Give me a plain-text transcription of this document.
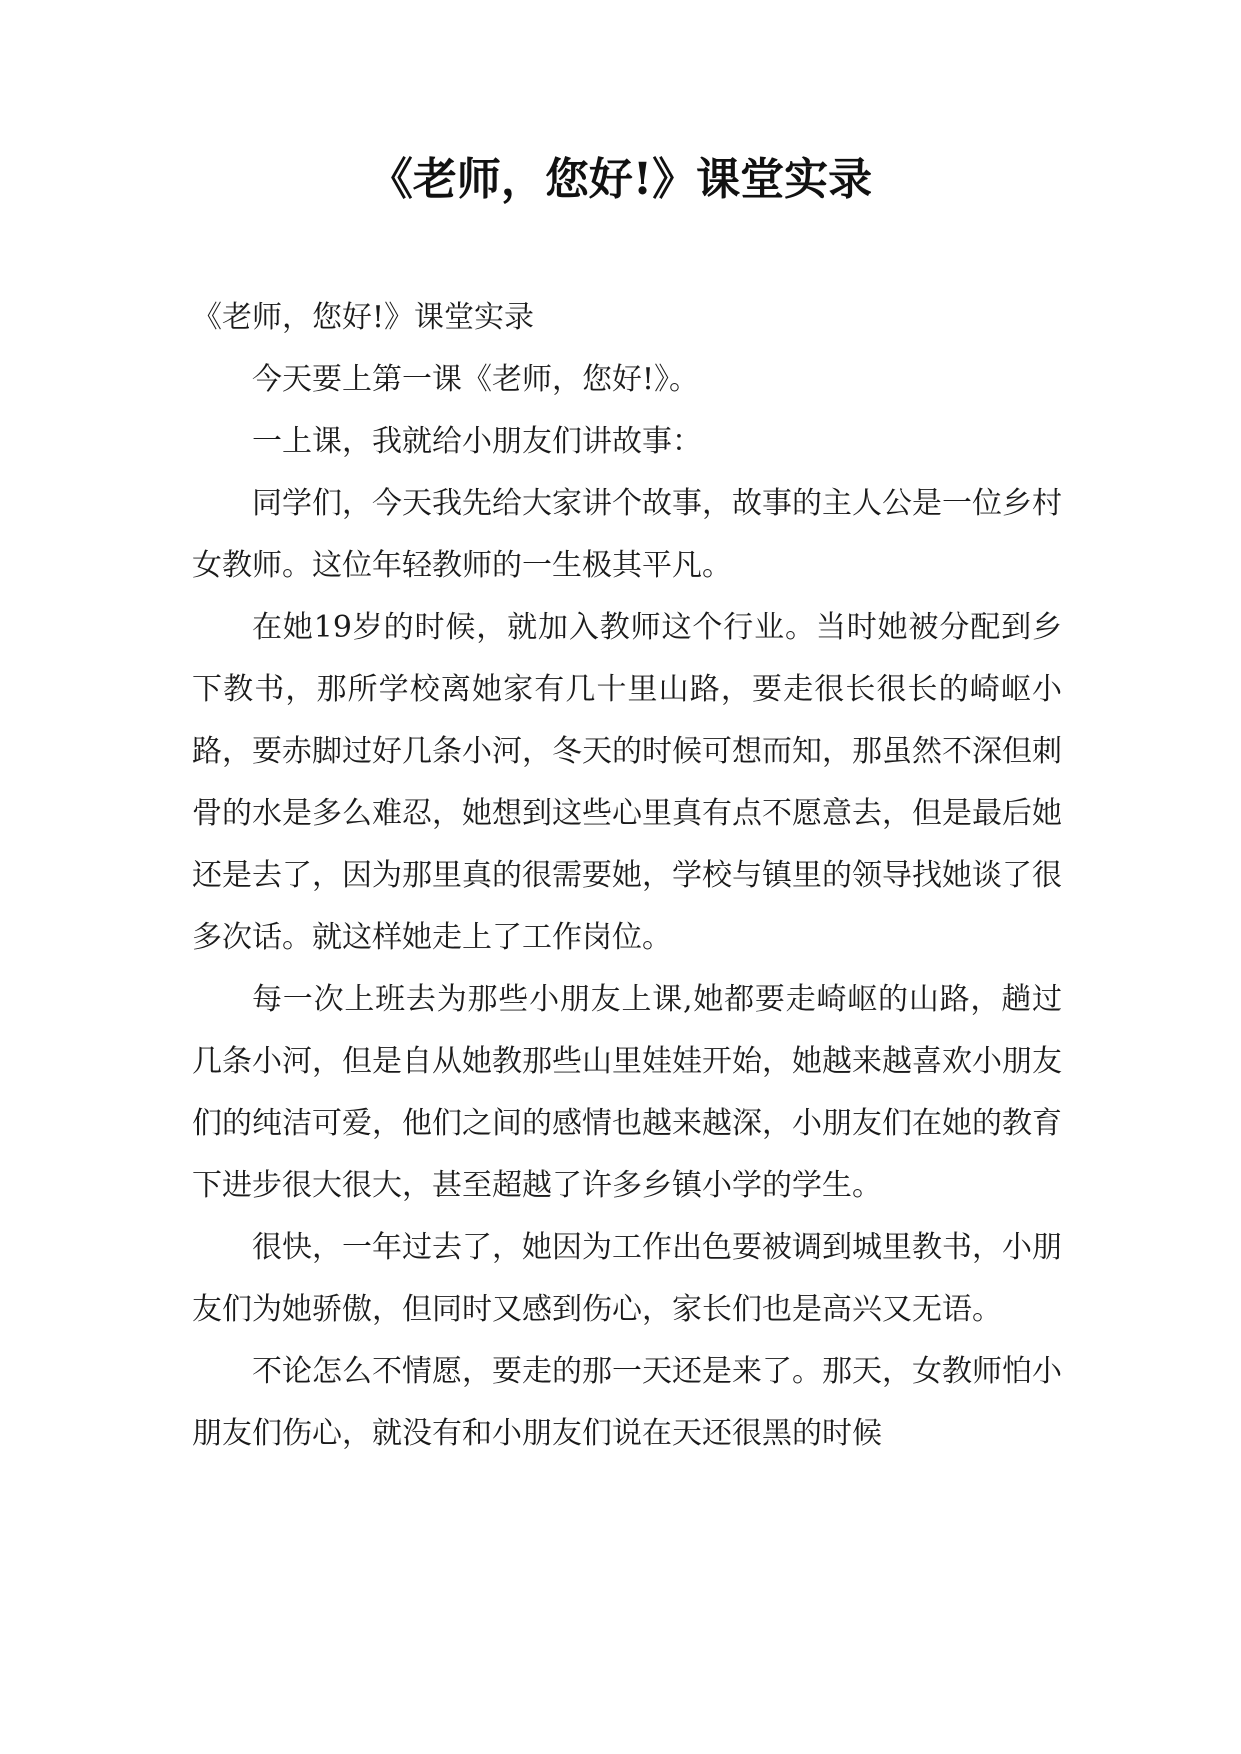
《老师，您好!》课堂实录

《老师，您好!》课堂实录

今天要上第一课《老师，您好!》。

一上课，我就给小朋友们讲故事：

同学们，今天我先给大家讲个故事，故事的主人公是一位乡村女教师。这位年轻教师的一生极其平凡。

在她19岁的时候，就加入教师这个行业。当时她被分配到乡下教书，那所学校离她家有几十里山路，要走很长很长的崎岖小路，要赤脚过好几条小河，冬天的时候可想而知，那虽然不深但刺骨的水是多么难忍，她想到这些心里真有点不愿意去，但是最后她还是去了，因为那里真的很需要她，学校与镇里的领导找她谈了很多次话。就这样她走上了工作岗位。

每一次上班去为那些小朋友上课,她都要走崎岖的山路，趟过几条小河，但是自从她教那些山里娃娃开始，她越来越喜欢小朋友们的纯洁可爱，他们之间的感情也越来越深，小朋友们在她的教育下进步很大很大，甚至超越了许多乡镇小学的学生。

很快，一年过去了，她因为工作出色要被调到城里教书，小朋友们为她骄傲，但同时又感到伤心，家长们也是高兴又无语。

不论怎么不情愿，要走的那一天还是来了。那天，女教师怕小朋友们伤心，就没有和小朋友们说在天还很黑的时候
